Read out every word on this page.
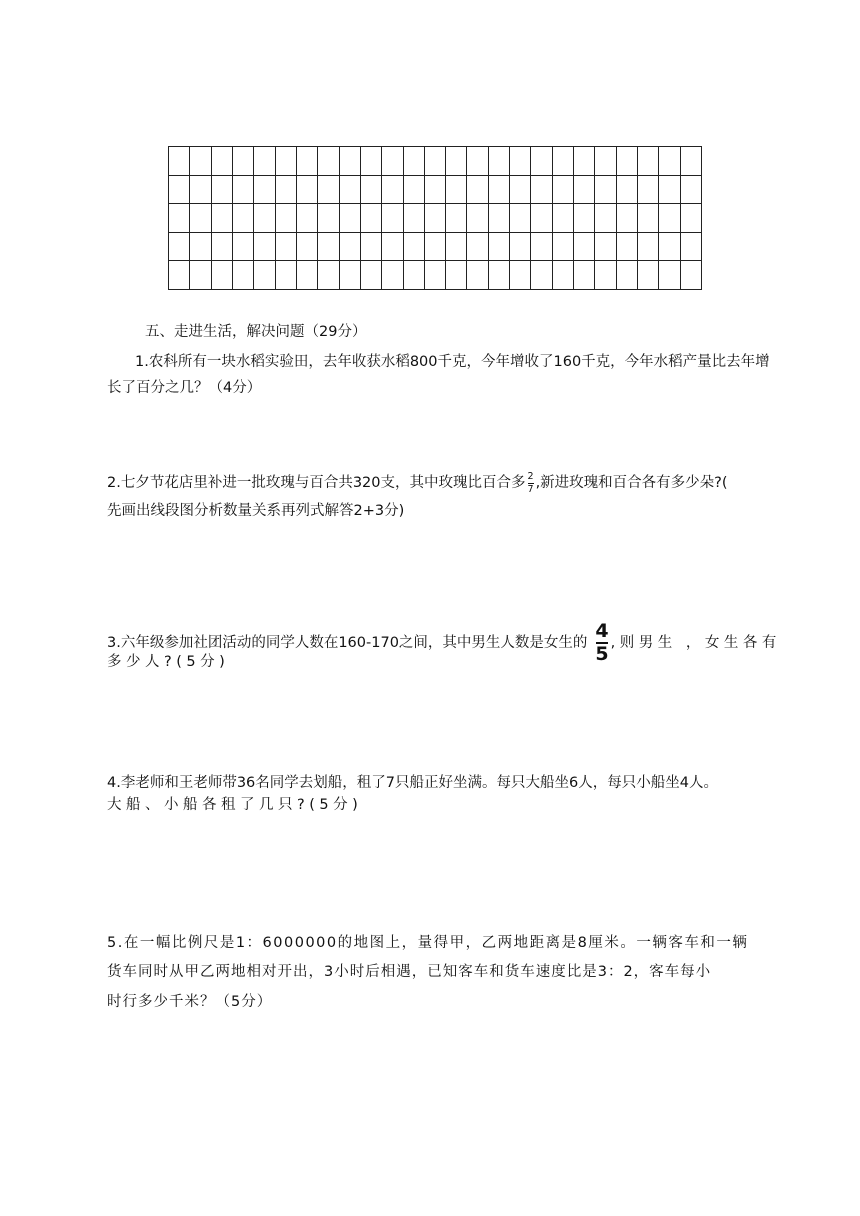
五、走进生活，解决问题（29分）
1.农科所有一块水稻实验田，去年收获水稻800千克，今年增收了160千克，今年水稻产量比去年增
长了百分之几？（4分）
2.七夕节花店里补进一批玫瑰与百合共320支，其中玫瑰比百合多 $\frac{2}{7}$ ,新进玫瑰和百合各有多少朵?(
先画出线段图分析数量关系再列式解答2+3分)
3.六年级参加社团活动的同学人数在160-170之间，其中男生人数是女生的 $\frac{4}{5}$ ,则男生 ，女生各有
多少人?(5分)
4.李老师和王老师带36名同学去划船，租了7只船正好坐满。每只大船坐6人，每只小船坐4人。
大船、小船各租了几只?(5分)
5.在一幅比例尺是1：6000000的地图上，量得甲，乙两地距离是8厘米。一辆客车和一辆
货车同时从甲乙两地相对开出，3小时后相遇，已知客车和货车速度比是3：2，客车每小
时行多少千米？（5分）
